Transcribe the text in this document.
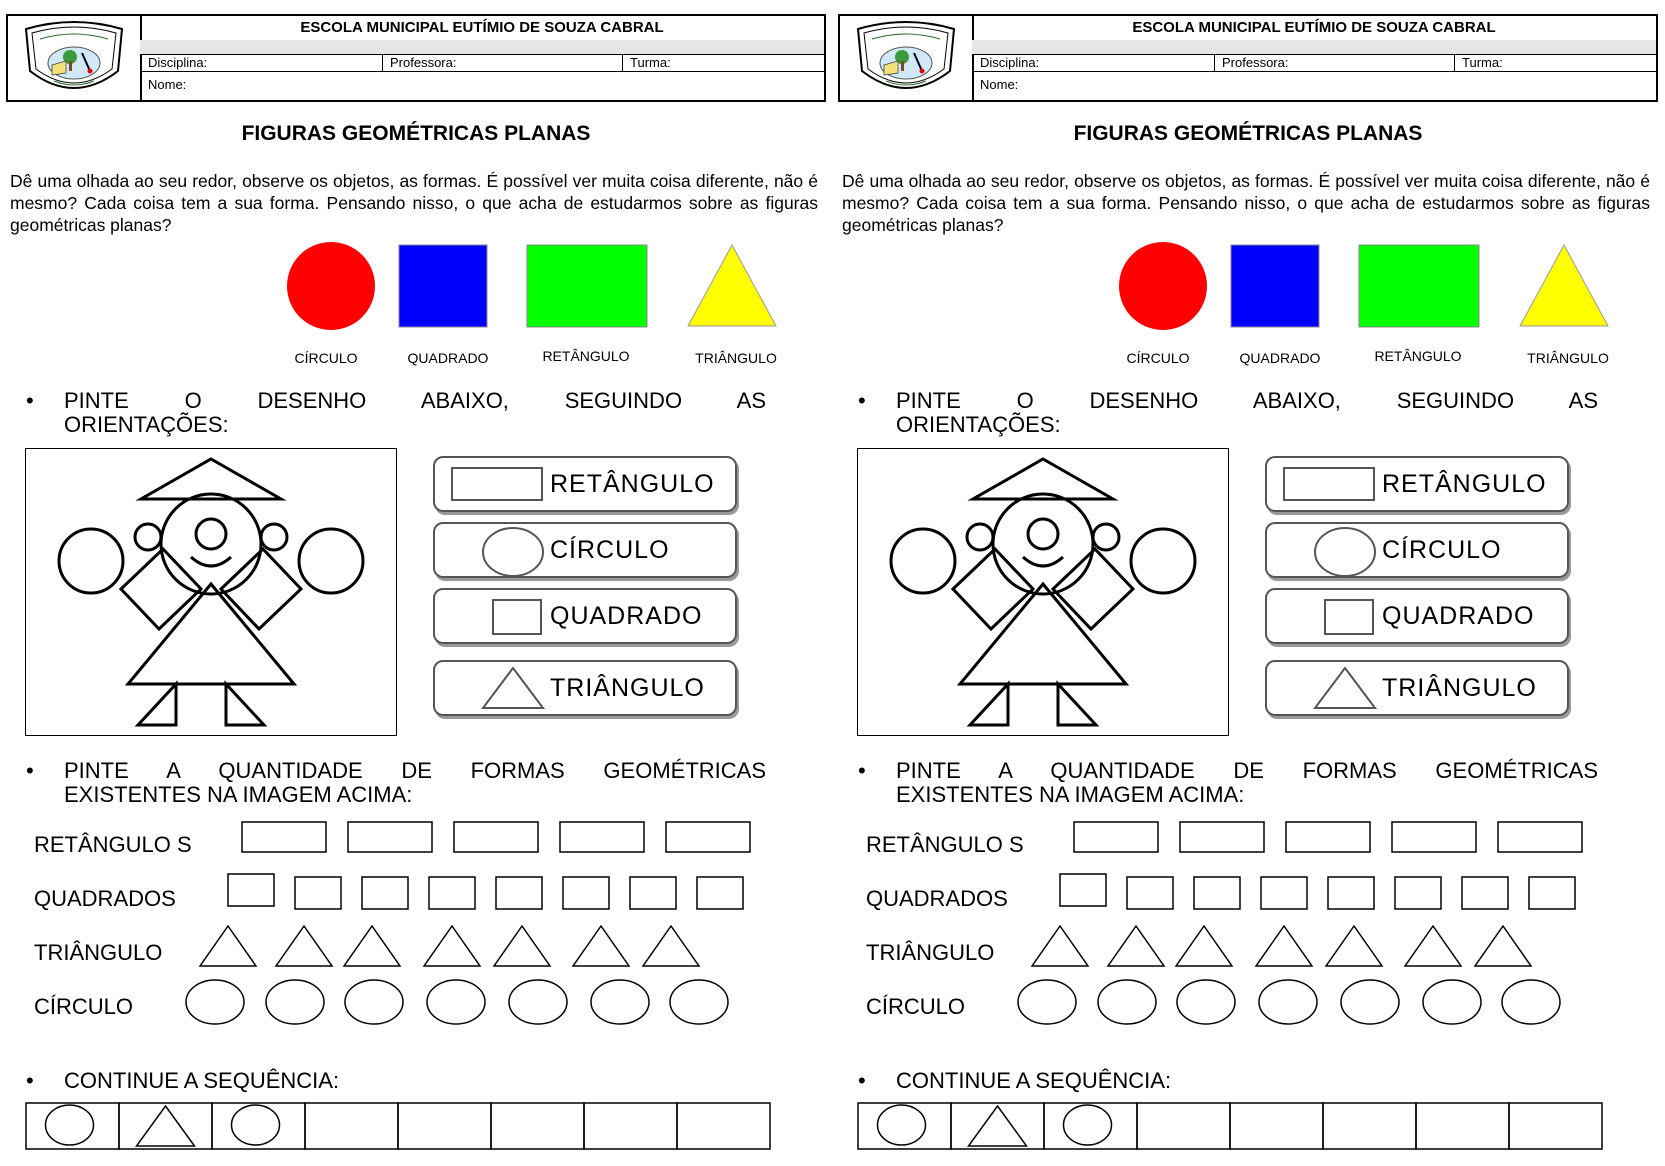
ESCOLA MUNICIPAL EUTÍMIO DE SOUZA CABRAL
Disciplina:	Professora:	Turma:
Nome:
FIGURAS GEOMÉTRICAS PLANAS
Dê uma olhada ao seu redor, observe os objetos, as formas. É possível ver muita coisa diferente, não é mesmo? Cada coisa tem a sua forma. Pensando nisso, o que acha de estudarmos sobre as figuras geométricas planas?
CÍRCULO	QUADRADO	RETÂNGULO	TRIÂNGULO
• PINTE O DESENHO ABAIXO, SEGUINDO AS
ORIENTAÇÕES:
RETÂNGULO
CÍRCULO
QUADRADO
TRIÂNGULO
• PINTE A QUANTIDADE DE FORMAS GEOMÉTRICAS
EXISTENTES NA IMAGEM ACIMA:
RETÂNGULO S
QUADRADOS
TRIÂNGULO
CÍRCULO
• CONTINUE A SEQUÊNCIA:
ESCOLA MUNICIPAL EUTÍMIO DE SOUZA CABRAL
Disciplina:	Professora:	Turma:
Nome:
FIGURAS GEOMÉTRICAS PLANAS
Dê uma olhada ao seu redor, observe os objetos, as formas. É possível ver muita coisa diferente, não é mesmo? Cada coisa tem a sua forma. Pensando nisso, o que acha de estudarmos sobre as figuras geométricas planas?
CÍRCULO	QUADRADO	RETÂNGULO	TRIÂNGULO
• PINTE O DESENHO ABAIXO, SEGUINDO AS
ORIENTAÇÕES:
RETÂNGULO
CÍRCULO
QUADRADO
TRIÂNGULO
• PINTE A QUANTIDADE DE FORMAS GEOMÉTRICAS
EXISTENTES NA IMAGEM ACIMA:
RETÂNGULO S
QUADRADOS
TRIÂNGULO
CÍRCULO
• CONTINUE A SEQUÊNCIA:
